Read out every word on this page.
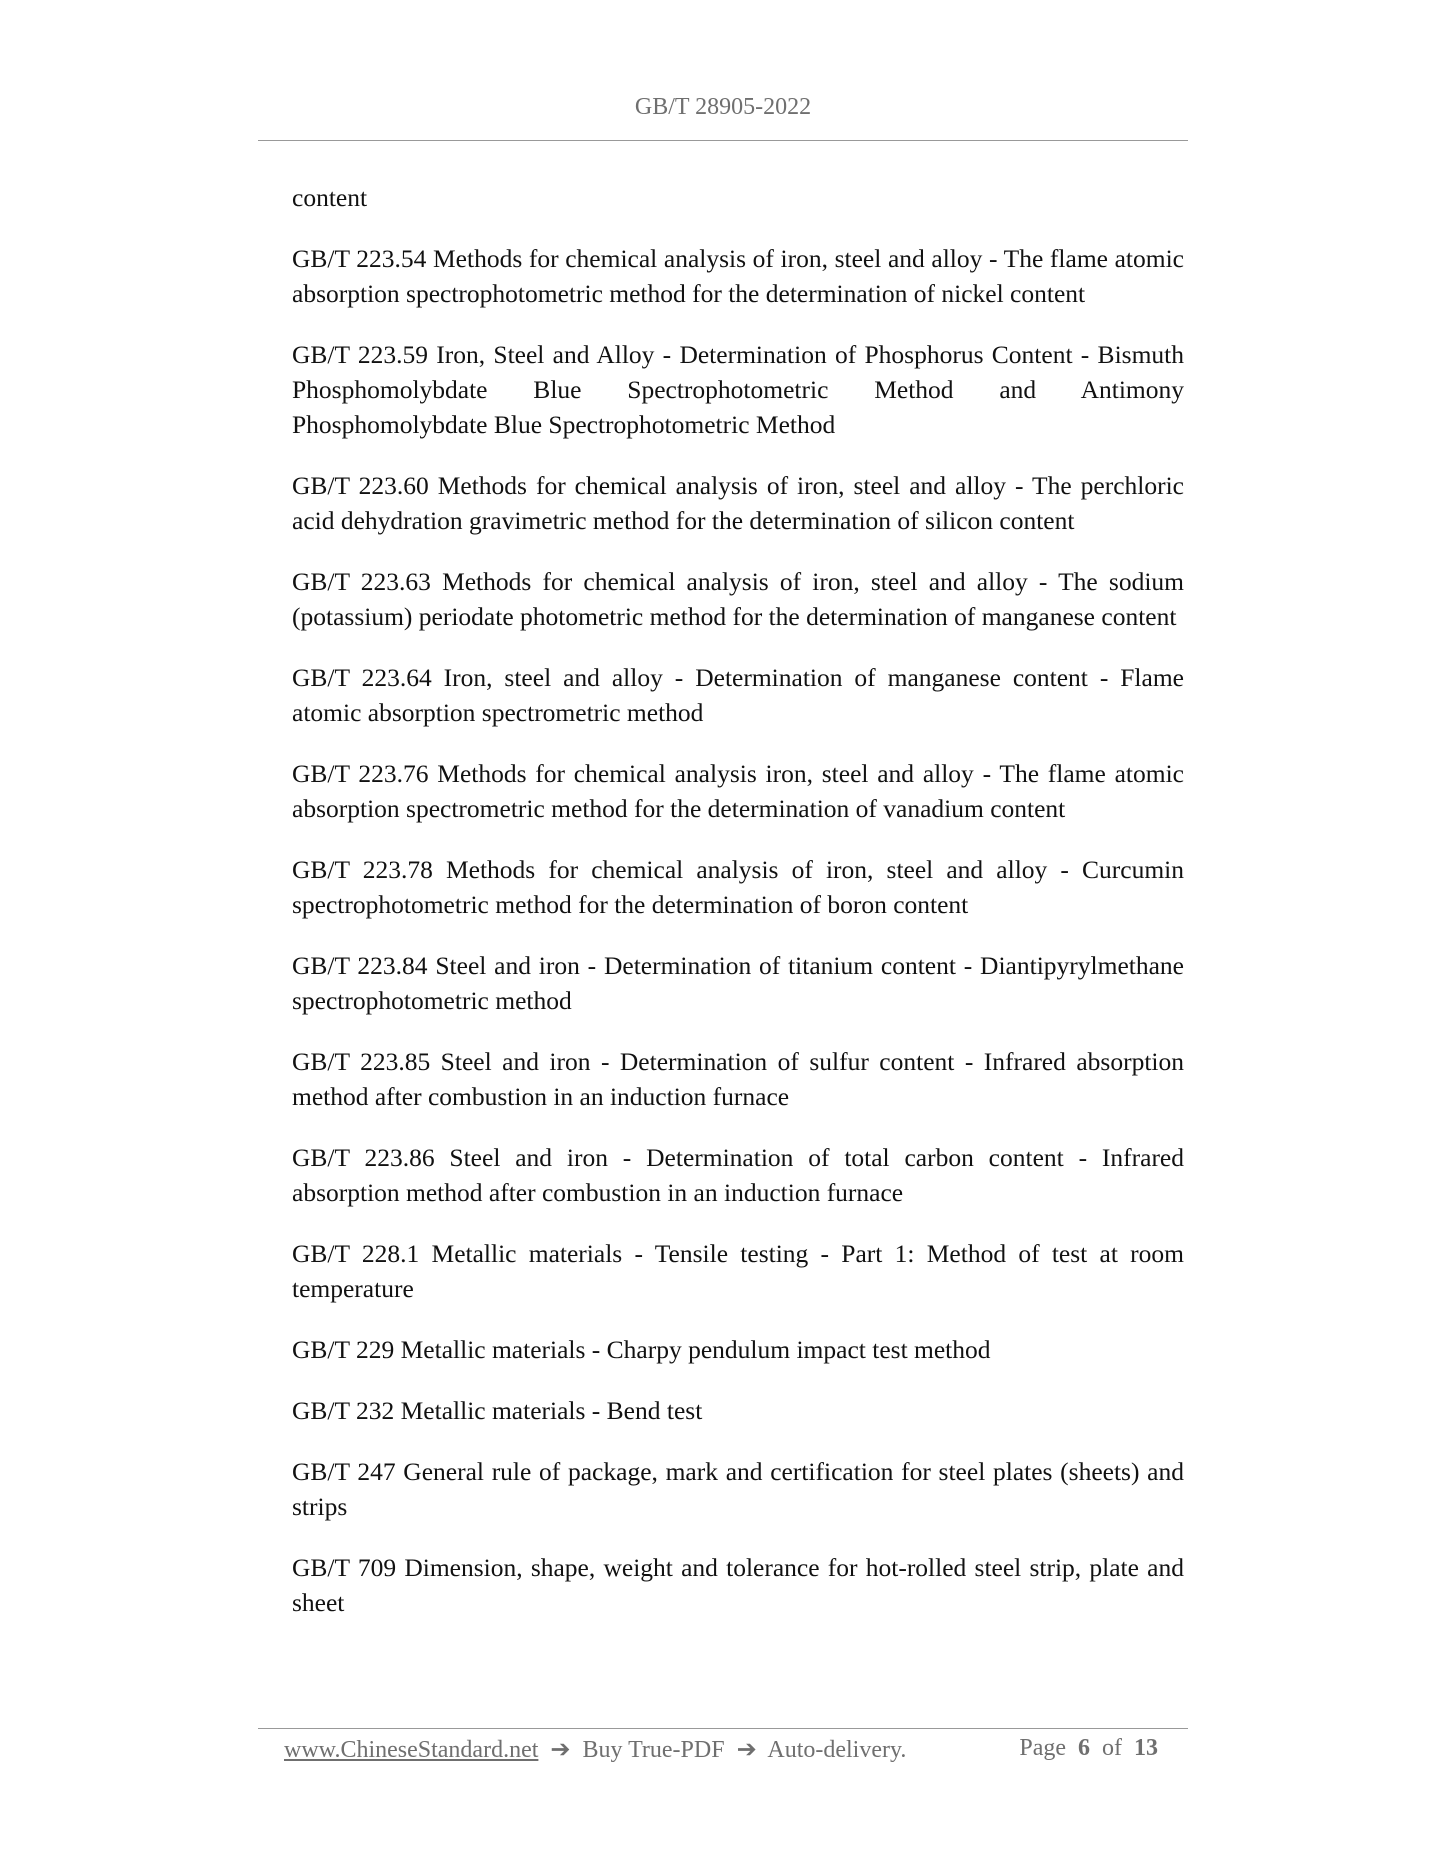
GB/T 28905-2022

content

GB/T 223.54 Methods for chemical analysis of iron, steel and alloy - The flame atomic absorption spectrophotometric method for the determination of nickel content

GB/T 223.59 Iron, Steel and Alloy - Determination of Phosphorus Content - Bismuth Phosphomolybdate Blue Spectrophotometric Method and Antimony Phosphomolybdate Blue Spectrophotometric Method

GB/T 223.60 Methods for chemical analysis of iron, steel and alloy - The perchloric acid dehydration gravimetric method for the determination of silicon content

GB/T 223.63 Methods for chemical analysis of iron, steel and alloy - The sodium (potassium) periodate photometric method for the determination of manganese content

GB/T 223.64 Iron, steel and alloy - Determination of manganese content - Flame atomic absorption spectrometric method

GB/T 223.76 Methods for chemical analysis iron, steel and alloy - The flame atomic absorption spectrometric method for the determination of vanadium content

GB/T 223.78 Methods for chemical analysis of iron, steel and alloy - Curcumin spectrophotometric method for the determination of boron content

GB/T 223.84 Steel and iron - Determination of titanium content - Diantipyrylmethane spectrophotometric method

GB/T 223.85 Steel and iron - Determination of sulfur content - Infrared absorption method after combustion in an induction furnace

GB/T 223.86 Steel and iron - Determination of total carbon content - Infrared absorption method after combustion in an induction furnace

GB/T 228.1 Metallic materials - Tensile testing - Part 1: Method of test at room temperature

GB/T 229 Metallic materials - Charpy pendulum impact test method

GB/T 232 Metallic materials - Bend test

GB/T 247 General rule of package, mark and certification for steel plates (sheets) and strips

GB/T 709 Dimension, shape, weight and tolerance for hot-rolled steel strip, plate and sheet

www.ChineseStandard.net ➔ Buy True-PDF ➔ Auto-delivery.	Page 6 of 13
